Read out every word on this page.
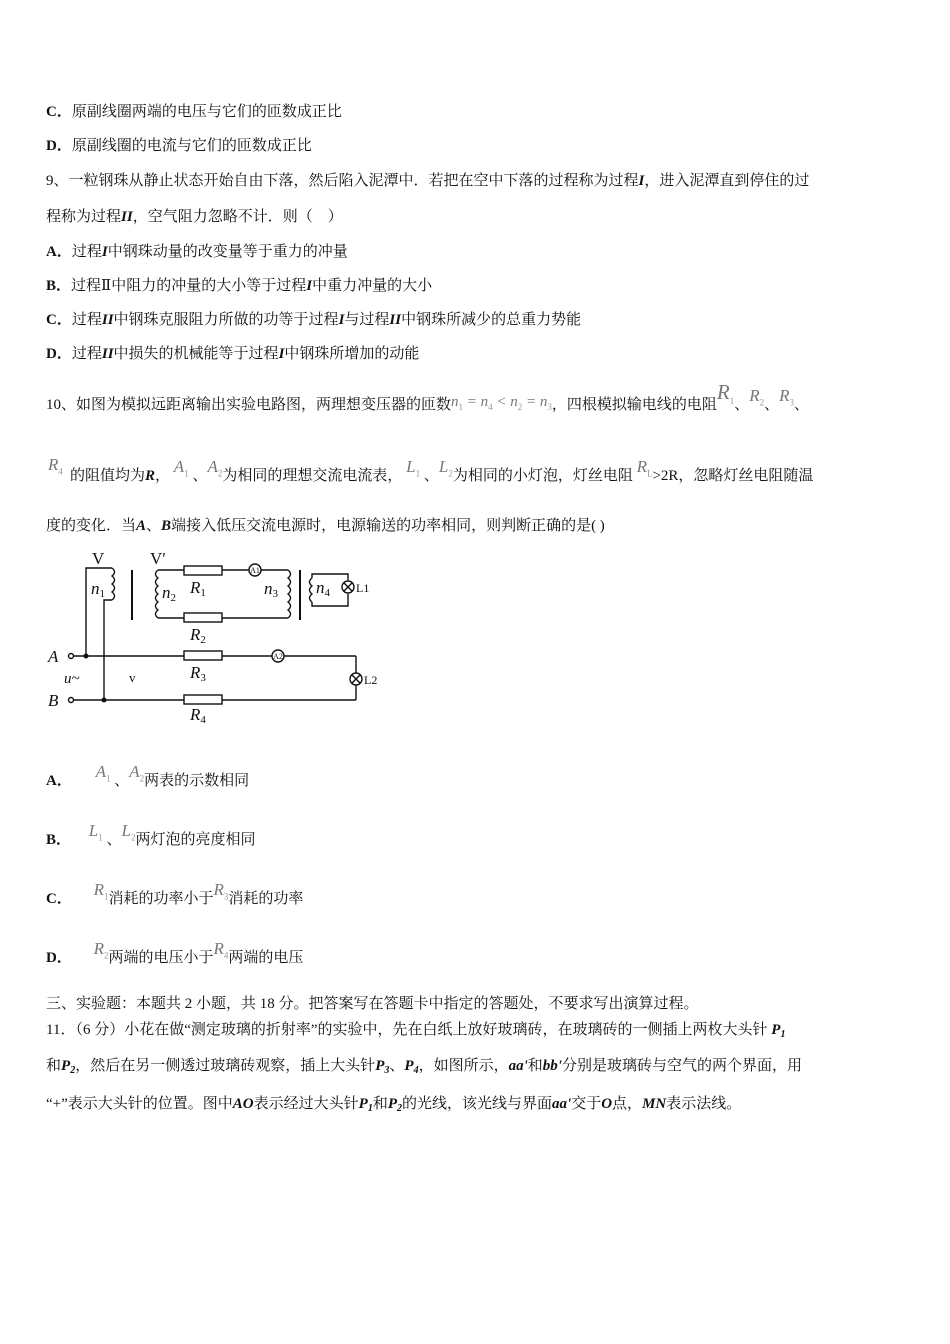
C．原副线圈两端的电压与它们的匝数成正比
D．原副线圈的电流与它们的匝数成正比
9、一粒钢珠从静止状态开始自由下落，然后陷入泥潭中．若把在空中下落的过程称为过程I，进入泥潭直到停住的过
程称为过程II，空气阻力忽略不计．则（　）
A．过程I中钢珠动量的改变量等于重力的冲量
B．过程Ⅱ中阻力的冲量的大小等于过程I中重力冲量的大小
C．过程II中钢珠克服阻力所做的功等于过程I与过程II中钢珠所减少的总重力势能
D．过程II中损失的机械能等于过程I中钢珠所增加的动能
10、如图为模拟远距离输出实验电路图，两理想变压器的匝数$n_1 = n_4 < n_2 = n_3$，四根模拟输电线的电阻$R_1$、$R_2$、$R_3$、
$R_4$ 的阻值均为R， $A_1$ 、$A_2$为相同的理想交流电流表， $L_1$ 、$L_2$为相同的小灯泡，灯丝电阻 $R_L>2R$，忽略灯丝电阻随温
度的变化．当A、B端接入低压交流电源时，电源输送的功率相同，则判断正确的是( )
V	V′
n1	n2	n3 n4
R1
R2
R3
R4
A
B
u~	v
A1
A2
L1
L2
A． $A_1$ 、$A_2$两表的示数相同
B． $L_1$ 、$L_2$两灯泡的亮度相同
C． $R_1$消耗的功率小于$R_3$消耗的功率
D． $R_2$两端的电压小于$R_4$两端的电压
三、实验题：本题共 2 小题，共 18 分。把答案写在答题卡中指定的答题处，不要求写出演算过程。
11．（6 分）小花在做“测定玻璃的折射率”的实验中，先在白纸上放好玻璃砖，在玻璃砖的一侧插上两枚大头针 $P_1$
和$P_2$，然后在另一侧透过玻璃砖观察，插上大头针$P_3$、$P_4$，如图所示，aa'和bb'分别是玻璃砖与空气的两个界面，用
“+”表示大头针的位置。图中AO表示经过大头针$P_1$和$P_2$的光线，该光线与界面aa'交于O点，MN表示法线。
